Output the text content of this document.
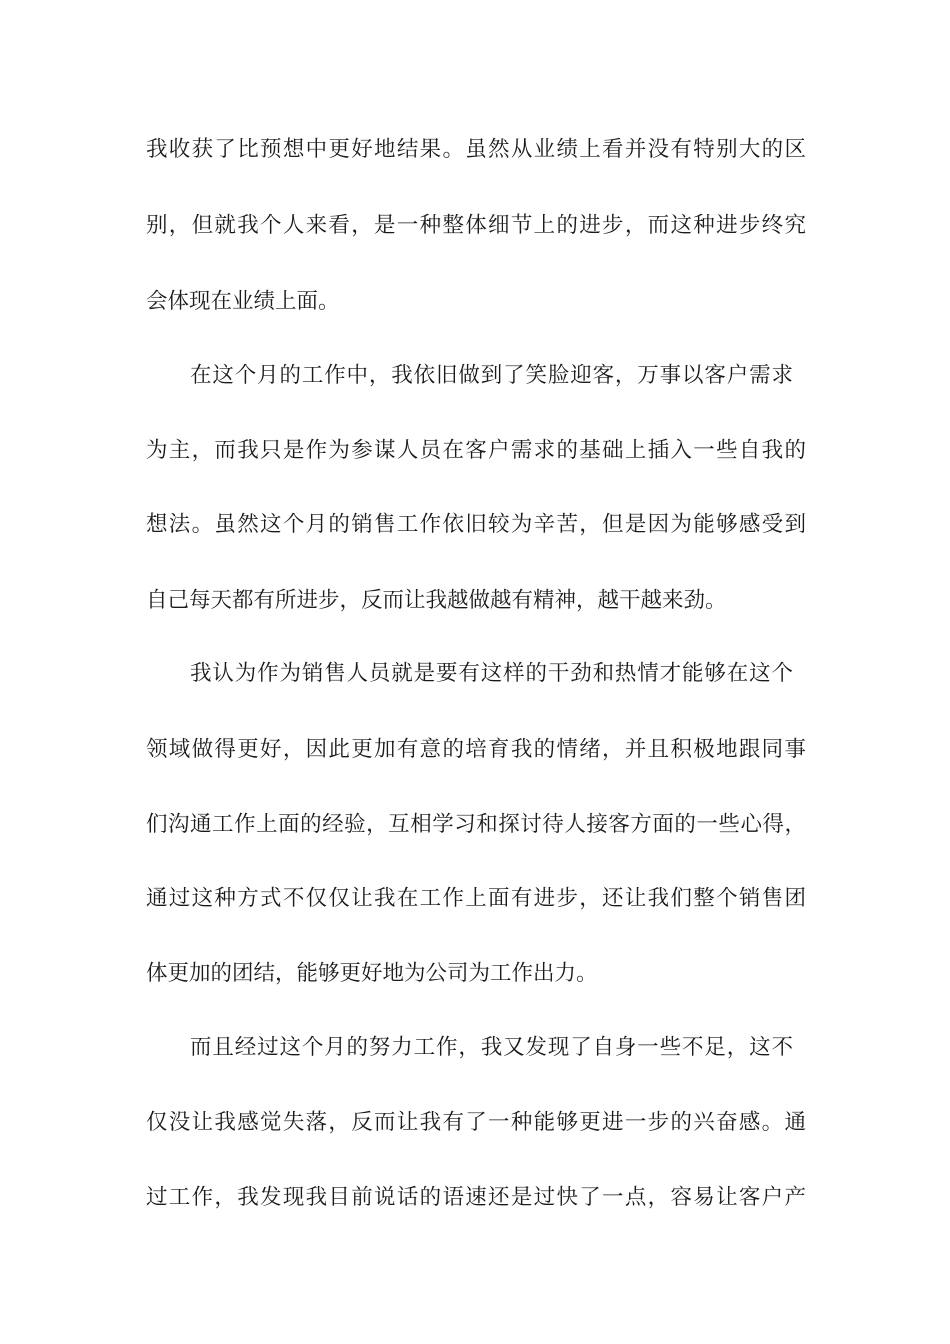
我收获了比预想中更好地结果。虽然从业绩上看并没有特别大的区
别，但就我个人来看，是一种整体细节上的进步，而这种进步终究
会体现在业绩上面。
在这个月的工作中，我依旧做到了笑脸迎客，万事以客户需求
为主，而我只是作为参谋人员在客户需求的基础上插入一些自我的
想法。虽然这个月的销售工作依旧较为辛苦，但是因为能够感受到
自己每天都有所进步，反而让我越做越有精神，越干越来劲。
我认为作为销售人员就是要有这样的干劲和热情才能够在这个
领域做得更好，因此更加有意的培育我的情绪，并且积极地跟同事
们沟通工作上面的经验，互相学习和探讨待人接客方面的一些心得，
通过这种方式不仅仅让我在工作上面有进步，还让我们整个销售团
体更加的团结，能够更好地为公司为工作出力。
而且经过这个月的努力工作，我又发现了自身一些不足，这不
仅没让我感觉失落，反而让我有了一种能够更进一步的兴奋感。通
过工作，我发现我目前说话的语速还是过快了一点，容易让客户产
